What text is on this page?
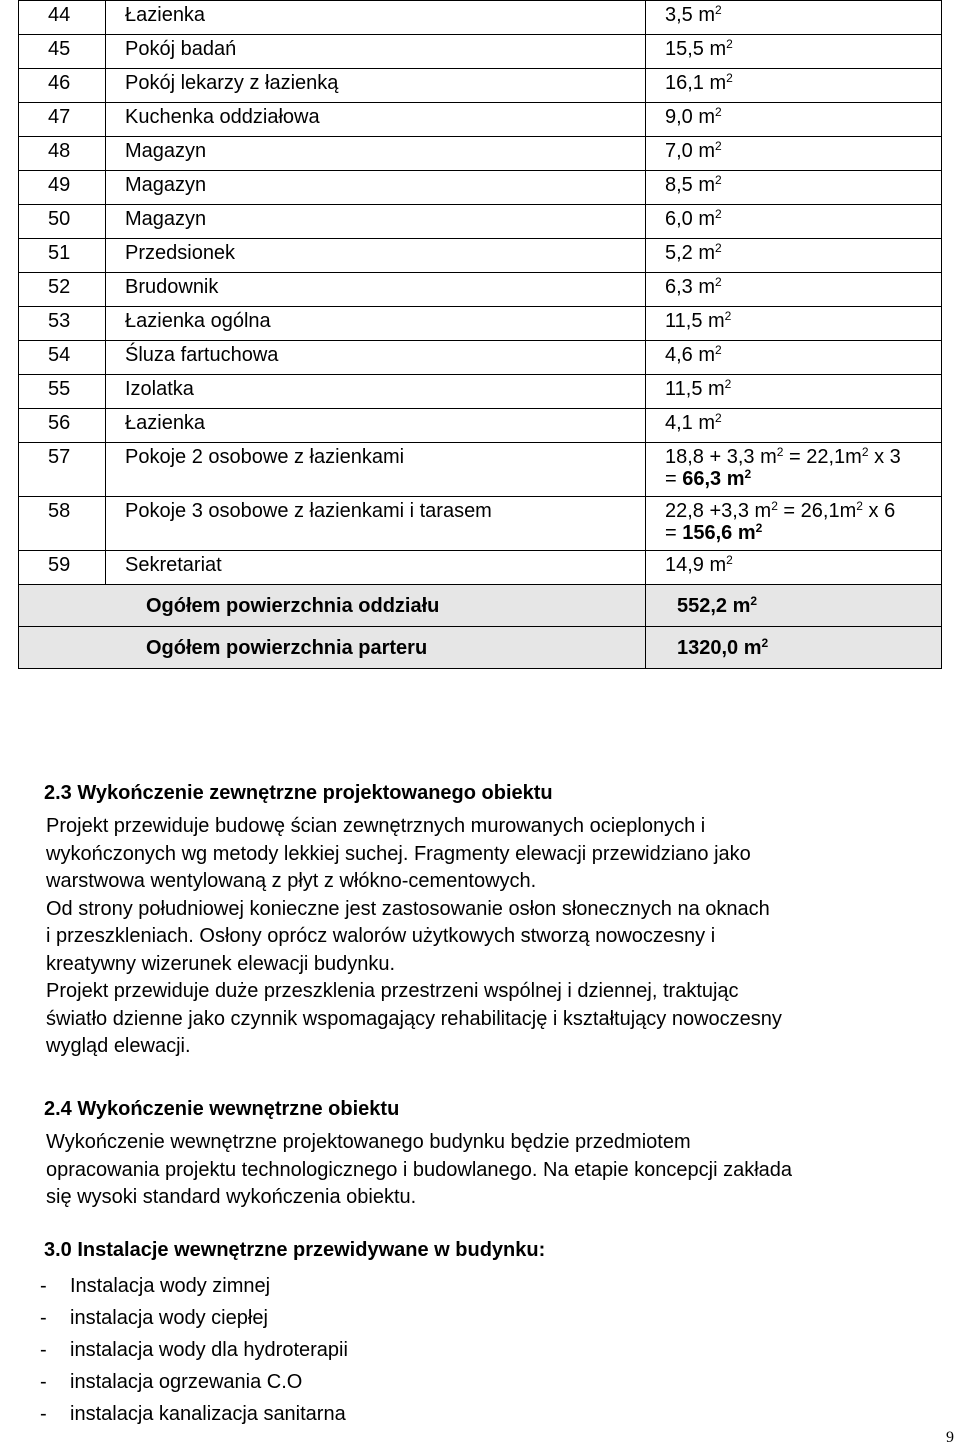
44	Łazienka	3,5 $m^2$
45	Pokój badań	15,5 $m^2$
46	Pokój lekarzy z łazienką	16,1 $m^2$
47	Kuchenka oddziałowa	9,0 $m^2$
48	Magazyn	7,0 $m^2$
49	Magazyn	8,5 $m^2$
50	Magazyn	6,0 $m^2$
51	Przedsionek	5,2 $m^2$
52	Brudownik	6,3 $m^2$
53	Łazienka ogólna	11,5 $m^2$
54	Śluza fartuchowa	4,6 $m^2$
55	Izolatka	11,5 $m^2$
56	Łazienka	4,1 $m^2$
57	Pokoje 2 osobowe z łazienkami	18,8 + 3,3 $m^2 = 22,1m^2$ x 3
= 66,3 $m^2$
58	Pokoje 3 osobowe z łazienkami i tarasem	22,8 +3,3 $m^2 = 26,1m^2$ x 6
= 156,6 $m^2$
59	Sekretariat	14,9 $m^2$
Ogółem powierzchnia oddziału		552,2 $m^2$
Ogółem powierzchnia parteru		1320,0 $m^2$
2.3 Wykończenie zewnętrzne projektowanego obiektu

Projekt przewiduje budowę ścian zewnętrznych murowanych ocieplonych i

wykończonych wg metody lekkiej suchej. Fragmenty elewacji przewidziano jako

warstwowa wentylowaną z płyt z włókno-cementowych.

Od strony południowej konieczne jest zastosowanie osłon słonecznych na oknach

i przeszkleniach. Osłony oprócz walorów użytkowych stworzą nowoczesny i

kreatywny wizerunek elewacji budynku.

Projekt przewiduje duże przeszklenia przestrzeni wspólnej i dziennej, traktując

światło dzienne jako czynnik wspomagający rehabilitację i kształtujący nowoczesny

wygląd elewacji.

2.4 Wykończenie wewnętrzne obiektu

Wykończenie wewnętrzne projektowanego budynku będzie przedmiotem

opracowania projektu technologicznego i budowlanego. Na etapie koncepcji zakłada

się wysoki standard wykończenia obiektu.

3.0 Instalacje wewnętrzne przewidywane w budynku:
- Instalacja wody zimnej
- instalacja wody ciepłej
- instalacja wody dla hydroterapii
- instalacja ogrzewania C.O
- instalacja kanalizacja sanitarna
9
